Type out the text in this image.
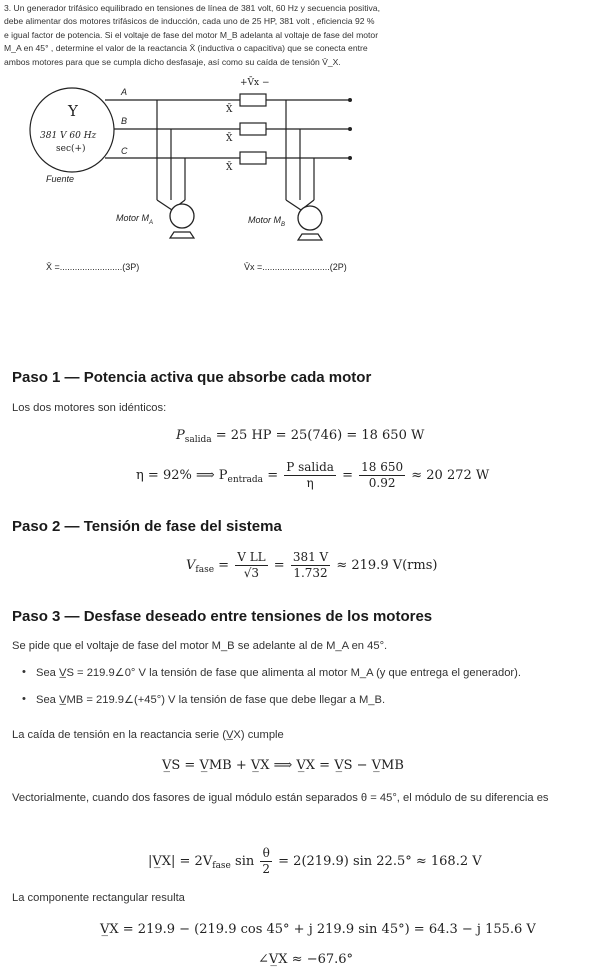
3. Un generador trifásico equilibrado en tensiones de línea de 381 volt, 60 Hz y secuencia positiva,

debe alimentar dos motores trifásicos de inducción, cada uno de 25 HP, 381 volt , eficiencia 92 %

e igual factor de potencia. Si el voltaje de fase del motor M_B adelanta al voltaje de fase del motor

M_A en 45° , determine el valor de la reactancia X̄ (inductiva o capacitiva) que se conecta entre

ambos motores para que se cumpla dicho desfasaje, así como su caída de tensión V̄_X.

Y
381 V 60 Hz
sec(+)
Fuente
A
B
C
X̄
X̄
X̄
+V̄x −
Motor $M_A$	Motor $M_B$
X̄ =.........................(3P)	V̄x =...........................(2P)
Paso 1 — Potencia activa que absorbe cada motor
Los dos motores son idénticos:
$P_{salida} = 25$ HP = 25(746) = 18 650 W
η = 92% ⟹ $P_{entrada} = \frac{\text{P salida}}{\eta} = \frac{18 650}{0.92} \approx 20$ 272 W
Paso 2 — Tensión de fase del sistema
$V_{fase} = \frac{\text{V LL}}{√3} = \frac{381 V}{1.732} \approx 219.9$ V(rms)
Paso 3 — Desfase deseado entre tensiones de los motores
Se pide que el voltaje de fase del motor M_B se adelante al de M_A en 45°.
• Sea V̲S = 219.9∠0° V la tensión de fase que alimenta al motor M_A (y que entrega el generador).
• Sea V̲MB = 219.9∠(+45°) V la tensión de fase que debe llegar a M_B.
La caída de tensión en la reactancia serie (V̲X) cumple
V̲S = V̲MB + V̲X ⟹ V̲X = V̲S − V̲MB
Vectorialmente, cuando dos fasores de igual módulo están separados θ = 45°, el módulo de su diferencia es
|V̲X| = $2V_{fase}$ $\sin \frac{\theta}{2} = 2(219.9)$ sin 22.5° ≈ 168.2 V
La componente rectangular resulta
V̲X = 219.9 − (219.9 cos 45° + j 219.9 sin 45°) = 64.3 − j 155.6 V
∠V̲X ≈ −67.6°
